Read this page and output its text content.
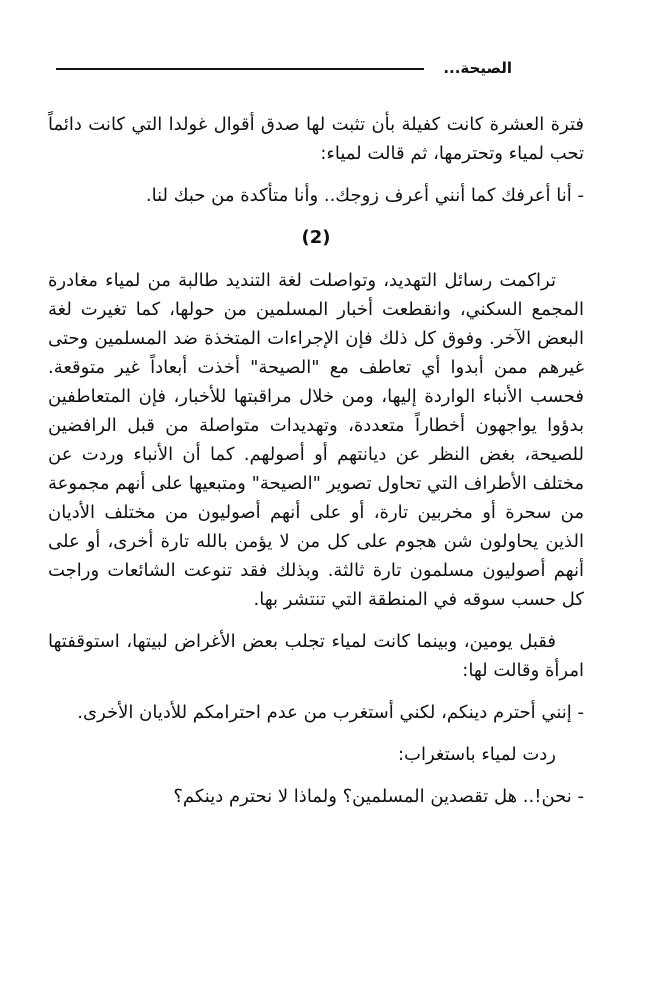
الصيحة...

فترة العشرة كانت كفيلة بأن تثبت لها صدق أقوال غولدا التي كانت دائماً تحب لمياء وتحترمها، ثم قالت لمياء:

- أنا أعرفك كما أنني أعرف زوجك.. وأنا متأكدة من حبك لنا.

(2)

تراكمت رسائل التهديد، وتواصلت لغة التنديد طالبة من لمياء مغادرة المجمع السكني، وانقطعت أخبار المسلمين من حولها، كما تغيرت لغة البعض الآخر. وفوق كل ذلك فإن الإجراءات المتخذة ضد المسلمين وحتى غيرهم ممن أبدوا أي تعاطف مع "الصيحة" أخذت أبعاداً غير متوقعة. فحسب الأنباء الواردة إليها، ومن خلال مراقبتها للأخبار، فإن المتعاطفين بدؤوا يواجهون أخطاراً متعددة، وتهديدات متواصلة من قبل الرافضين للصيحة، بغض النظر عن ديانتهم أو أصولهم. كما أن الأنباء وردت عن مختلف الأطراف التي تحاول تصوير "الصيحة" ومتبعيها على أنهم مجموعة من سحرة أو مخربين تارة، أو على أنهم أصوليون من مختلف الأديان الذين يحاولون شن هجوم على كل من لا يؤمن بالله تارة أخرى، أو على أنهم أصوليون مسلمون تارة ثالثة. وبذلك فقد تنوعت الشائعات وراجت كل حسب سوقه في المنطقة التي تنتشر بها.

فقبل يومين، وبينما كانت لمياء تجلب بعض الأغراض لبيتها، استوقفتها امرأة وقالت لها:

- إنني أحترم دينكم، لكني أستغرب من عدم احترامكم للأديان الأخرى.

ردت لمياء باستغراب:

- نحن!.. هل تقصدين المسلمين؟ ولماذا لا نحترم دينكم؟
